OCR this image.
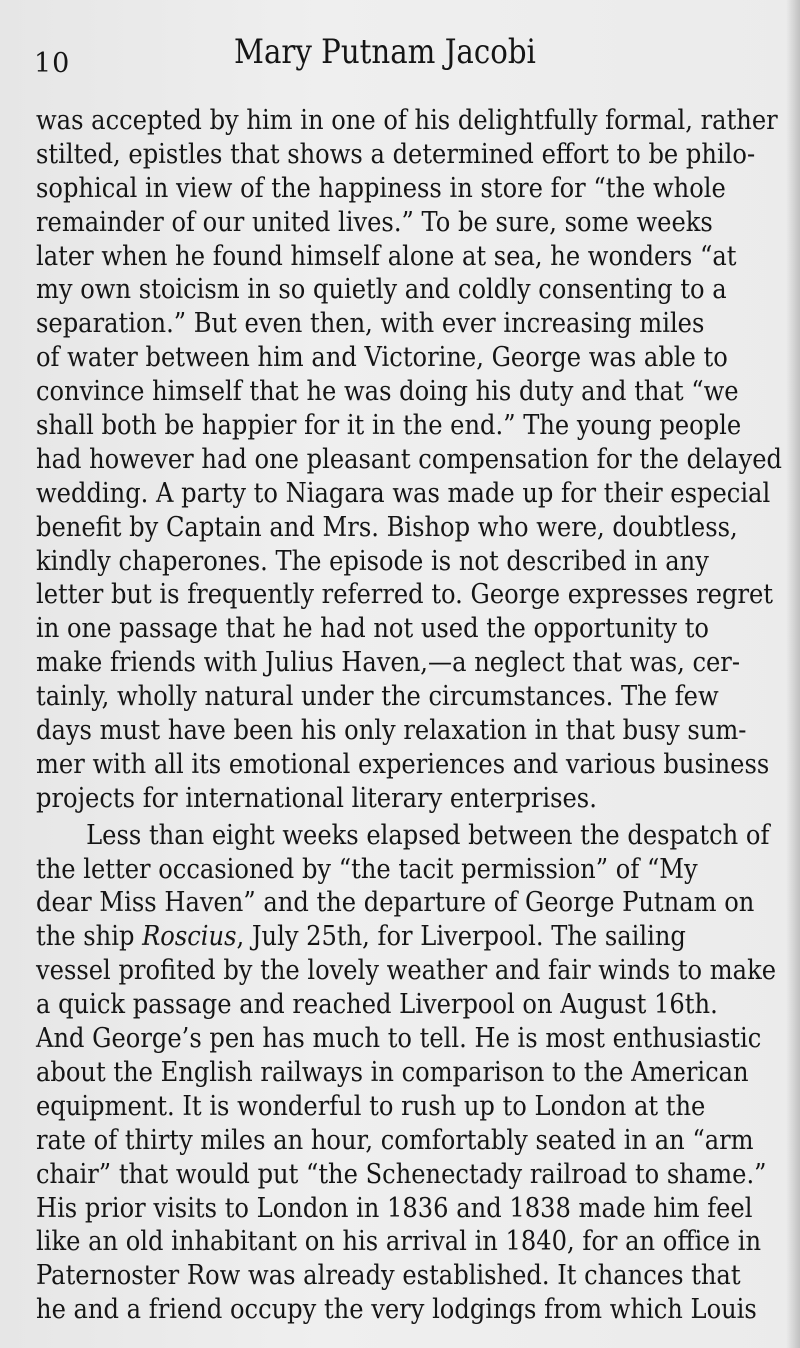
10	Mary Putnam Jacobi
was accepted by him in one of his delightfully formal, rather
stilted, epistles that shows a determined effort to be philo-
sophical in view of the happiness in store for “the whole
remainder of our united lives.” To be sure, some weeks
later when he found himself alone at sea, he wonders “at
my own stoicism in so quietly and coldly consenting to a
separation.” But even then, with ever increasing miles
of water between him and Victorine, George was able to
convince himself that he was doing his duty and that “we
shall both be happier for it in the end.” The young people
had however had one pleasant compensation for the delayed
wedding. A party to Niagara was made up for their especial
benefit by Captain and Mrs. Bishop who were, doubtless,
kindly chaperones. The episode is not described in any
letter but is frequently referred to. George expresses regret
in one passage that he had not used the opportunity to
make friends with Julius Haven,—a neglect that was, cer-
tainly, wholly natural under the circumstances. The few
days must have been his only relaxation in that busy sum-
mer with all its emotional experiences and various business
projects for international literary enterprises.
Less than eight weeks elapsed between the despatch of
the letter occasioned by “the tacit permission” of “My
dear Miss Haven” and the departure of George Putnam on
the ship Roscius, July 25th, for Liverpool. The sailing
vessel profited by the lovely weather and fair winds to make
a quick passage and reached Liverpool on August 16th.
And George’s pen has much to tell. He is most enthusiastic
about the English railways in comparison to the American
equipment. It is wonderful to rush up to London at the
rate of thirty miles an hour, comfortably seated in an “arm
chair” that would put “the Schenectady railroad to shame.”
His prior visits to London in 1836 and 1838 made him feel
like an old inhabitant on his arrival in 1840, for an office in
Paternoster Row was already established. It chances that
he and a friend occupy the very lodgings from which Louis
